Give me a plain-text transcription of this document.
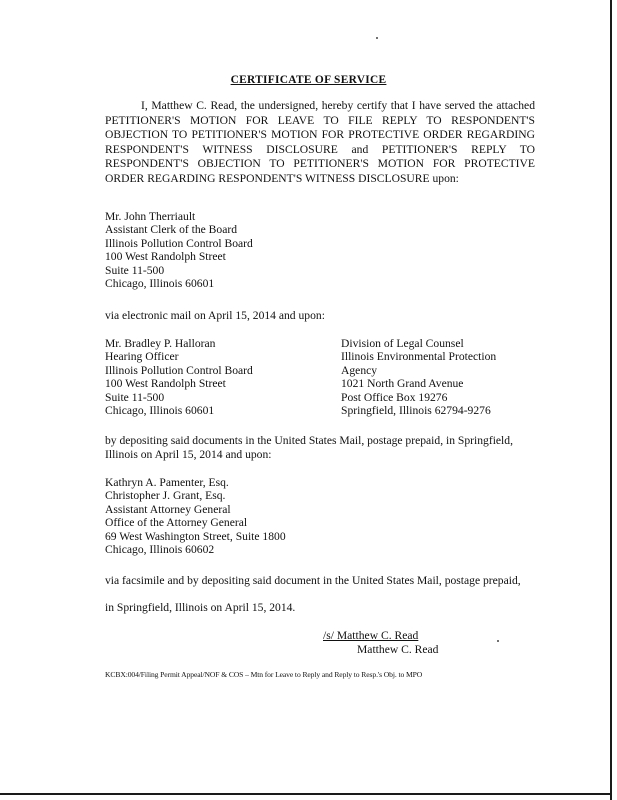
CERTIFICATE OF SERVICE
I, Matthew C. Read, the undersigned, hereby certify that I have served the attached PETITIONER'S MOTION FOR LEAVE TO FILE REPLY TO RESPONDENT'S OBJECTION TO PETITIONER'S MOTION FOR PROTECTIVE ORDER REGARDING RESPONDENT'S WITNESS DISCLOSURE and PETITIONER'S REPLY TO RESPONDENT'S OBJECTION TO PETITIONER'S MOTION FOR PROTECTIVE ORDER REGARDING RESPONDENT'S WITNESS DISCLOSURE upon:
Mr. John Therriault
Assistant Clerk of the Board
Illinois Pollution Control Board
100 West Randolph Street
Suite 11-500
Chicago, Illinois 60601
via electronic mail on April 15, 2014 and upon:
Mr. Bradley P. Halloran
Hearing Officer
Illinois Pollution Control Board
100 West Randolph Street
Suite 11-500
Chicago, Illinois 60601
Division of Legal Counsel
Illinois Environmental Protection
Agency
1021 North Grand Avenue
Post Office Box 19276
Springfield, Illinois 62794-9276
by depositing said documents in the United States Mail, postage prepaid, in Springfield,
Illinois on April 15, 2014 and upon:
Kathryn A. Pamenter, Esq.
Christopher J. Grant, Esq.
Assistant Attorney General
Office of the Attorney General
69 West Washington Street, Suite 1800
Chicago, Illinois 60602
via facsimile and by depositing said document in the United States Mail, postage prepaid,
in Springfield, Illinois on April 15, 2014.
/s/ Matthew C. Read
Matthew C. Read
KCBX:004/Filing Permit Appeal/NOF & COS – Mtn for Leave to Reply and Reply to Resp.'s Obj. to MPO
